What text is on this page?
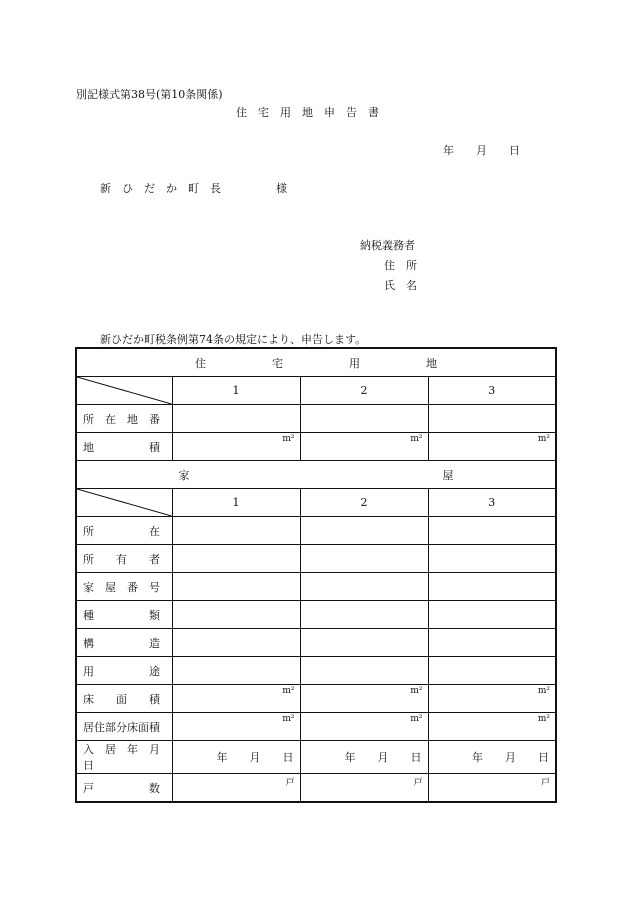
別記様式第38号(第10条関係)
住　宅　用　地　申　告　書
年　　月　　日
新　ひ　だ　か　町　長　　　　　様
納税義務者
住　所
氏　名
新ひだか町税条例第74条の規定により、申告します。
住　　　　　　宅　　　　　　用　　　　　　地			

	1	2	3
所　在　地　番			
地　　　　　積	m²	m²	m²
家　　　　　　　　　　　　　　　　　　　　　　　屋			

	1	2	3
所　　　　　在			
所　　有　　者			
家　屋　番　号			
種　　　　　類			
構　　　　　造			
用　　　　　途			
床　　面　　積	m²	m²	m²
居住部分床面積	m²	m²	m²
入　居　年　月　日	年　　月　　日	年　　月　　日	年　　月　　日
戸　　　　　数	戸	戸	戸
